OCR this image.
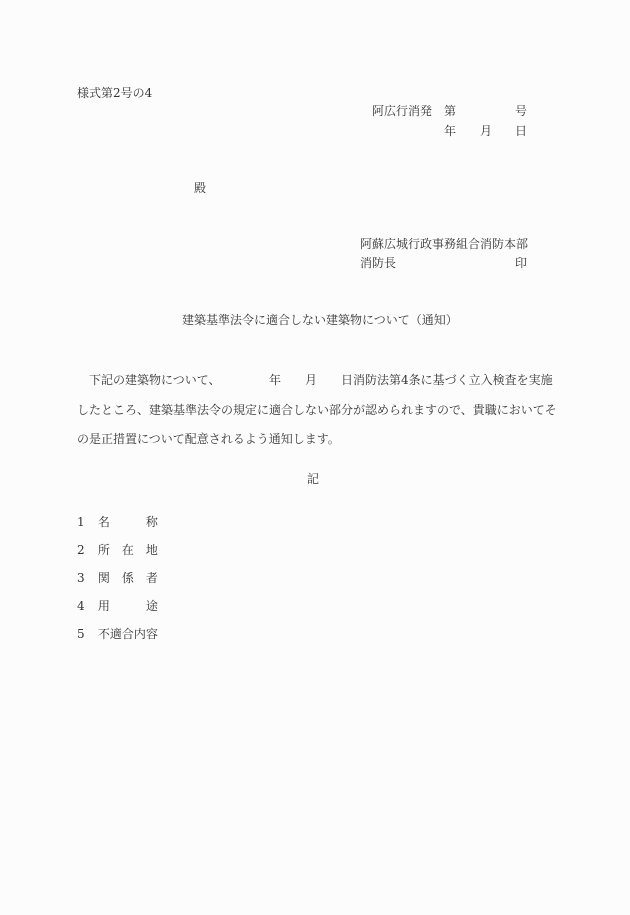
様式第2号の4
阿広行消発 第	号
年 月 日
殿
阿蘇広城行政事務組合消防本部
消防長	印
建築基準法令に適合しない建築物について（通知）
下記の建築物について、	年 月 日消防法第4条に基づく立入検査を実施
したところ、建築基準法令の規定に適合しない部分が認められますので、貴職においてそ
の是正措置について配意されるよう通知します。
記
1 名　　称
2 所　在　地
3 関　係　者
4 用　　途
5 不適合内容
